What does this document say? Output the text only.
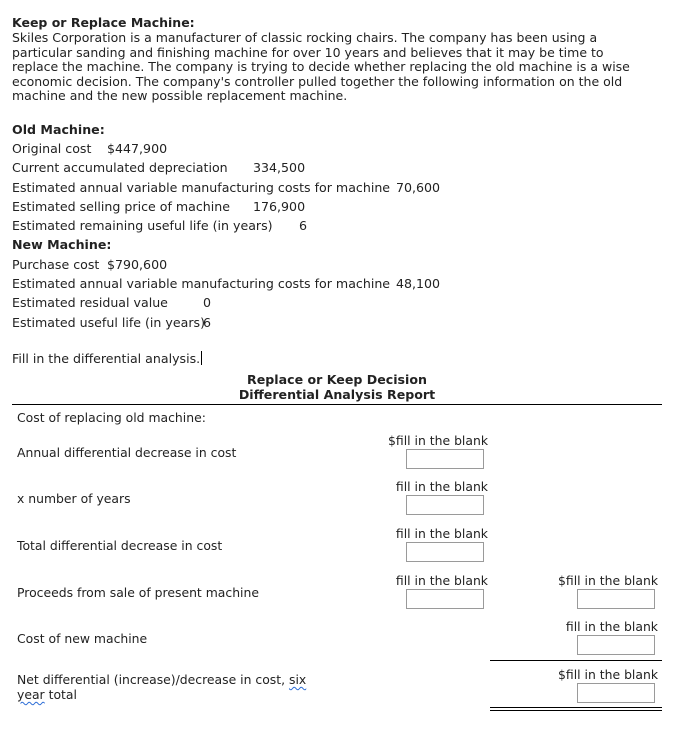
Keep or Replace Machine:
Skiles Corporation is a manufacturer of classic rocking chairs. The company has been using a particular sanding and finishing machine for over 10 years and believes that it may be time to replace the machine. The company is trying to decide whether replacing the old machine is a wise economic decision. The company's controller pulled together the following information on the old machine and the new possible replacement machine.
Old Machine:
Original cost $447,900
Current accumulated depreciation 334,500
Estimated annual variable manufacturing costs for machine 70,600
Estimated selling price of machine 176,900
Estimated remaining useful life (in years) 6
New Machine:
Purchase cost $790,600
Estimated annual variable manufacturing costs for machine 48,100
Estimated residual value	0
Estimated useful life (in years)
6
Fill in the differential analysis.
Replace or Keep Decision
Differential Analysis Report
Cost of replacing old machine:
Annual differential decrease in cost
$fill in the blank
x number of years
fill in the blank
Total differential decrease in cost
fill in the blank
Proceeds from sale of present machine
fill in the blank	$fill in the blank
Cost of new machine
fill in the blank
Net differential (increase)/decrease in cost, six
year total
$fill in the blank
